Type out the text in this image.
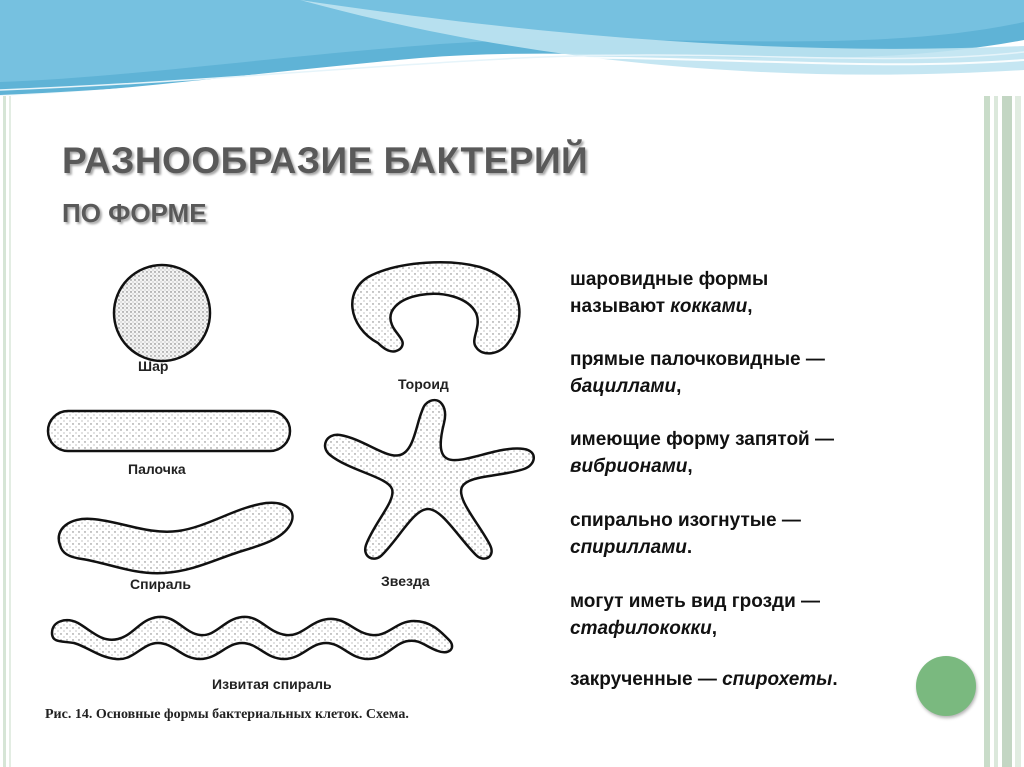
РАЗНООБРАЗИЕ БАКТЕРИЙ
ПО ФОРМЕ
Шар
Тороид
Палочка
Звезда
Спираль
Извитая спираль

Рис. 14. Основные формы бактериальных клеток. Схема.

шаровидные формы
называют кокками,
прямые палочковидные —
бациллами,
имеющие форму запятой —
вибрионами,
спирально изогнутые —
спириллами.
могут иметь вид грозди —
стафилококки,
закрученные — спирохеты.
